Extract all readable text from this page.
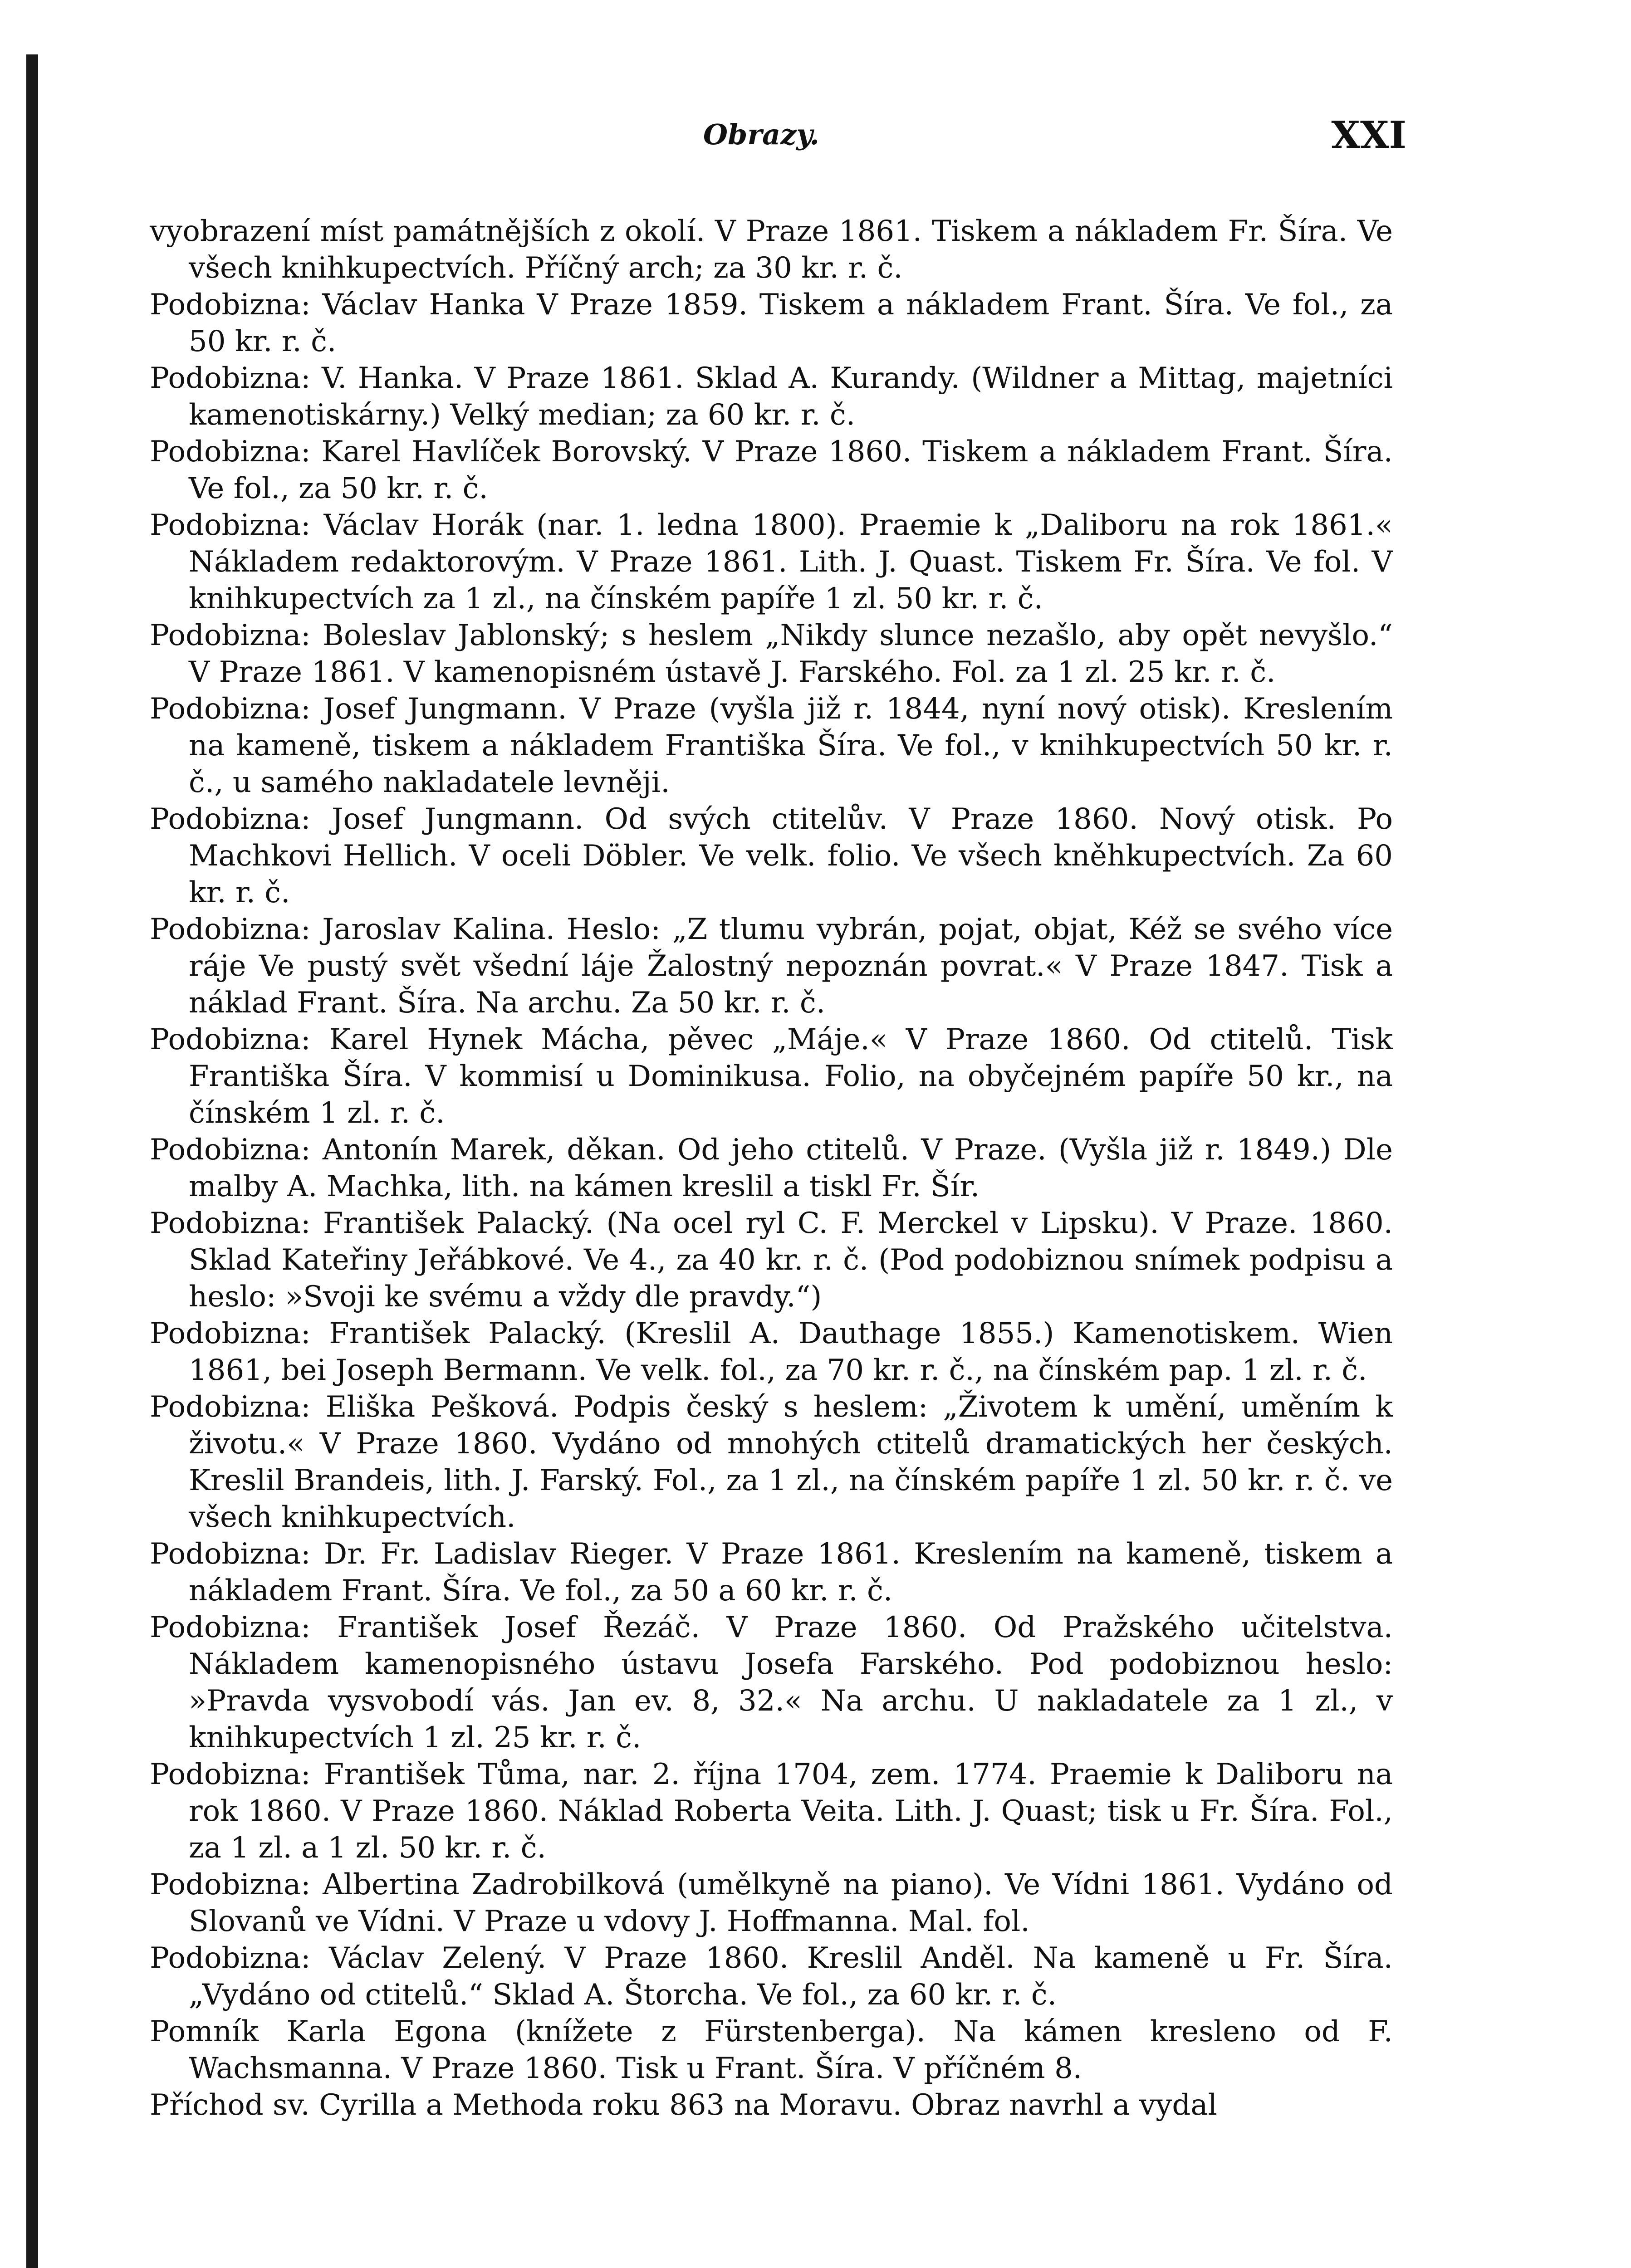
Obrazy.	XXI

vyobrazení míst památnějších z okolí. V Praze 1861. Tiskem a nákladem Fr. Šíra. Ve všech knihkupectvích. Příčný arch; za 30 kr. r. č.

Podobizna: Václav Hanka V Praze 1859. Tiskem a nákladem Frant. Šíra. Ve fol., za 50 kr. r. č.

Podobizna: V. Hanka. V Praze 1861. Sklad A. Kurandy. (Wildner a Mittag, majetníci kamenotiskárny.) Velký median; za 60 kr. r. č.

Podobizna: Karel Havlíček Borovský. V Praze 1860. Tiskem a nákladem Frant. Šíra. Ve fol., za 50 kr. r. č.

Podobizna: Václav Horák (nar. 1. ledna 1800). Praemie k „Daliboru na rok 1861.« Nákladem redaktorovým. V Praze 1861. Lith. J. Quast. Tiskem Fr. Šíra. Ve fol. V knihkupectvích za 1 zl., na čínském papíře 1 zl. 50 kr. r. č.

Podobizna: Boleslav Jablonský; s heslem „Nikdy slunce nezašlo, aby opět nevyšlo.“ V Praze 1861. V kamenopisném ústavě J. Farského. Fol. za 1 zl. 25 kr. r. č.

Podobizna: Josef Jungmann. V Praze (vyšla již r. 1844, nyní nový otisk). Kreslením na kameně, tiskem a nákladem Františka Šíra. Ve fol., v knihkupectvích 50 kr. r. č., u samého nakladatele levněji.

Podobizna: Josef Jungmann. Od svých ctitelův. V Praze 1860. Nový otisk. Po Machkovi Hellich. V oceli Döbler. Ve velk. folio. Ve všech kněhkupectvích. Za 60 kr. r. č.

Podobizna: Jaroslav Kalina. Heslo: „Z tlumu vybrán, pojat, objat, Kéž se svého více ráje Ve pustý svět všední láje Žalostný nepoznán povrat.« V Praze 1847. Tisk a náklad Frant. Šíra. Na archu. Za 50 kr. r. č.

Podobizna: Karel Hynek Mácha, pěvec „Máje.« V Praze 1860. Od ctitelů. Tisk Františka Šíra. V kommisí u Dominikusa. Folio, na obyčejném papíře 50 kr., na čínském 1 zl. r. č.

Podobizna: Antonín Marek, děkan. Od jeho ctitelů. V Praze. (Vyšla již r. 1849.) Dle malby A. Machka, lith. na kámen kreslil a tiskl Fr. Šír.

Podobizna: František Palacký. (Na ocel ryl C. F. Merckel v Lipsku). V Praze. 1860. Sklad Kateřiny Jeřábkové. Ve 4., za 40 kr. r. č. (Pod podobiznou snímek podpisu a heslo: »Svoji ke svému a vždy dle pravdy.“)

Podobizna: František Palacký. (Kreslil A. Dauthage 1855.) Kamenotiskem. Wien 1861, bei Joseph Bermann. Ve velk. fol., za 70 kr. r. č., na čínském pap. 1 zl. r. č.

Podobizna: Eliška Pešková. Podpis český s heslem: „Životem k umění, uměním k životu.« V Praze 1860. Vydáno od mnohých ctitelů dramatických her českých. Kreslil Brandeis, lith. J. Farský. Fol., za 1 zl., na čínském papíře 1 zl. 50 kr. r. č. ve všech knihkupectvích.

Podobizna: Dr. Fr. Ladislav Rieger. V Praze 1861. Kreslením na kameně, tiskem a nákladem Frant. Šíra. Ve fol., za 50 a 60 kr. r. č.

Podobizna: František Josef Řezáč. V Praze 1860. Od Pražského učitelstva. Nákladem kamenopisného ústavu Josefa Farského. Pod podobiznou heslo: »Pravda vysvobodí vás. Jan ev. 8, 32.« Na archu. U nakladatele za 1 zl., v knihkupectvích 1 zl. 25 kr. r. č.

Podobizna: František Tůma, nar. 2. října 1704, zem. 1774. Praemie k Daliboru na rok 1860. V Praze 1860. Náklad Roberta Veita. Lith. J. Quast; tisk u Fr. Šíra. Fol., za 1 zl. a 1 zl. 50 kr. r. č.

Podobizna: Albertina Zadrobilková (umělkyně na piano). Ve Vídni 1861. Vydáno od Slovanů ve Vídni. V Praze u vdovy J. Hoffmanna. Mal. fol.

Podobizna: Václav Zelený. V Praze 1860. Kreslil Anděl. Na kameně u Fr. Šíra. „Vydáno od ctitelů.“ Sklad A. Štorcha. Ve fol., za 60 kr. r. č.

Pomník Karla Egona (knížete z Fürstenberga). Na kámen kresleno od F. Wachsmanna. V Praze 1860. Tisk u Frant. Šíra. V příčném 8.

Příchod sv. Cyrilla a Methoda roku 863 na Moravu. Obraz navrhl a vydal
